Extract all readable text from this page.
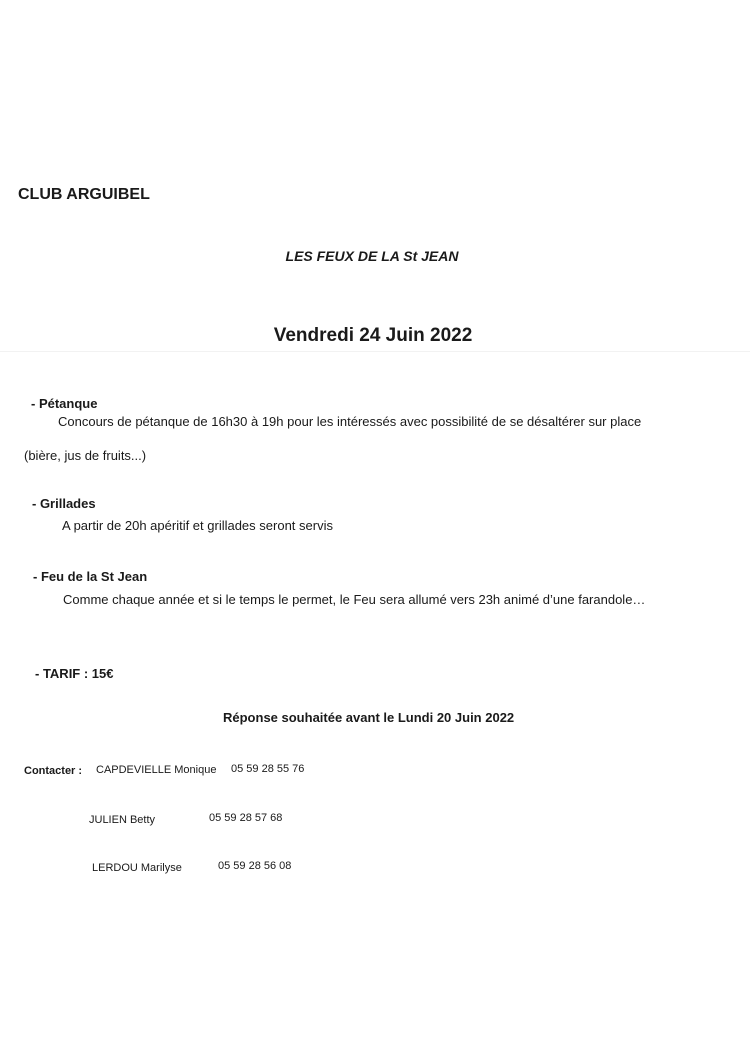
CLUB ARGUIBEL
LES FEUX DE LA St JEAN
Vendredi 24 Juin 2022
- Pétanque
Concours de pétanque de 16h30 à 19h pour les intéressés avec possibilité de se désaltérer sur place
(bière, jus de fruits...)
- Grillades
A partir de 20h apéritif et grillades seront servis
- Feu de la St Jean
Comme chaque année et si le temps le permet, le Feu sera allumé vers 23h animé d’une farandole…
- TARIF : 15€
Réponse souhaitée avant le Lundi 20 Juin 2022
Contacter : CAPDEVIELLE Monique 05 59 28 55 76
JULIEN Betty	05 59 28 57 68
LERDOU Marilyse	05 59 28 56 08
